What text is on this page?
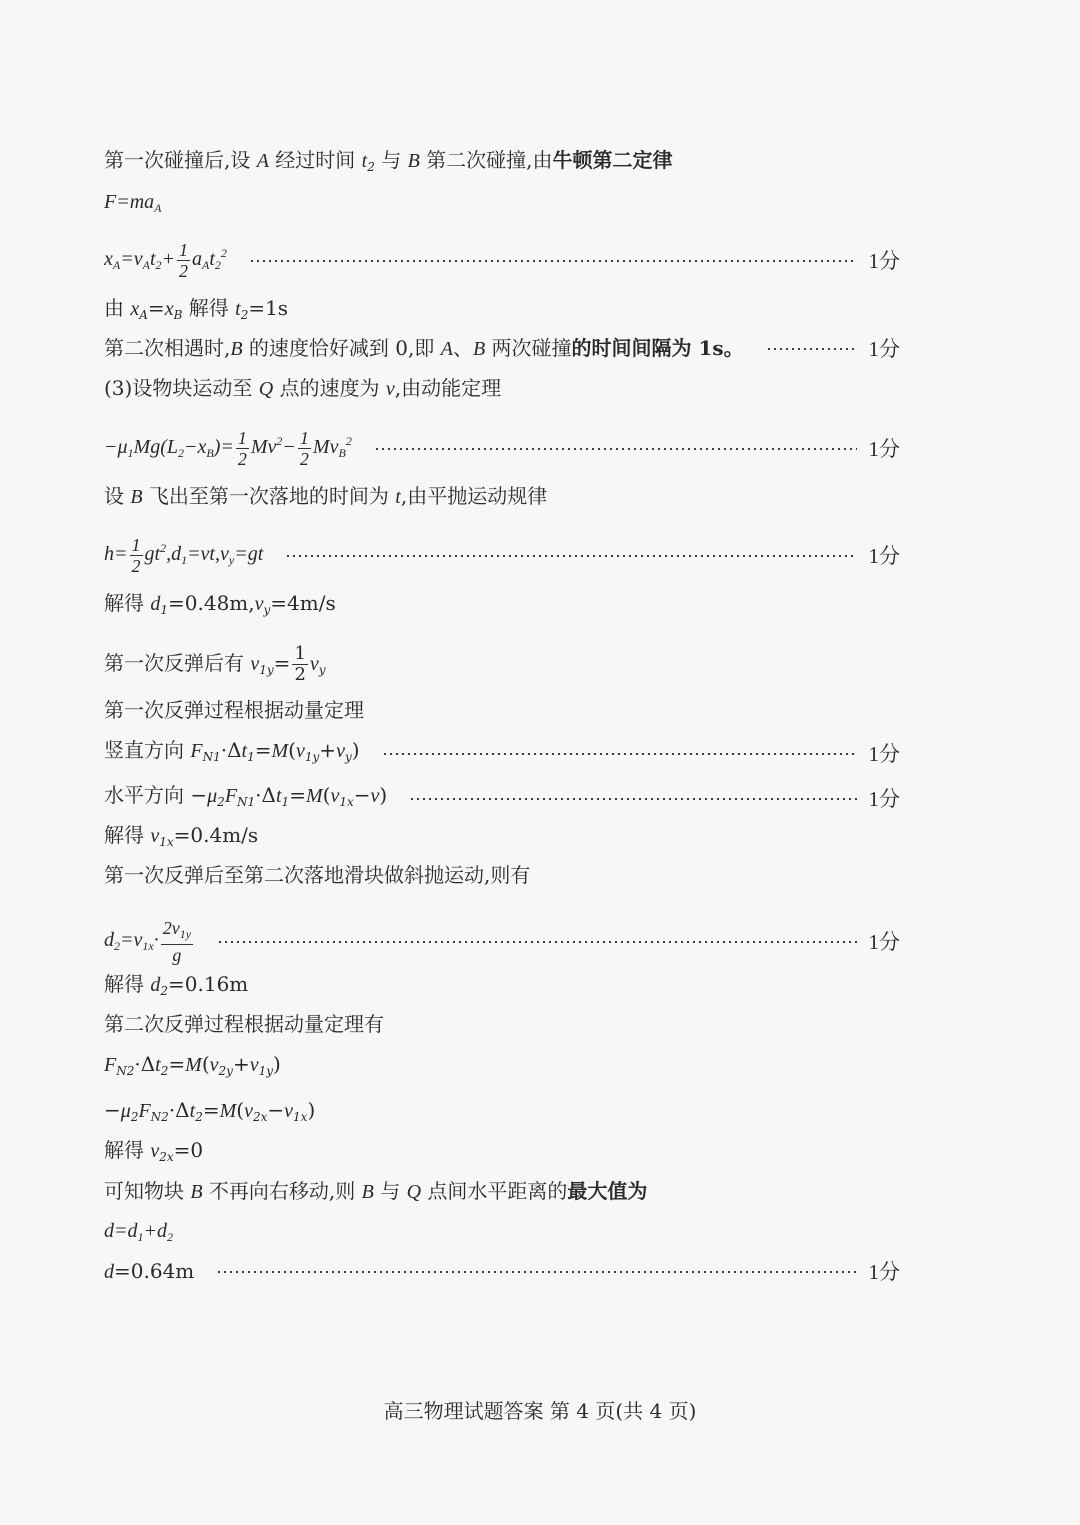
第一次碰撞后,设 A 经过时间 $t_2$ 与 B 第二次碰撞,由牛顿第二定律
$F=ma_A$
$x_A=v_At_2+ \frac{1}{2} a_At_2^2$	1分
由 $x_A=x_B$ 解得 $t_2=1s$
第二次相遇时,B 的速度恰好减到 0,即 A、B 两次碰撞的时间间隔为 1s。	1分
(3)设物块运动至 Q 点的速度为 v,由动能定理
$-\mu_1Mg(L_2-x_B)= \frac{1}{2} Mv^2- \frac{1}{2} Mv_B^2$	1分
设 B 飞出至第一次落地的时间为 t,由平抛运动规律
$h= \frac{1}{2} gt^2,d_1=vt,v_y=gt$	1分
解得 $d_1=0.48m,v_y=4m/s$
第一次反弹后有 $v_{1y}= \frac{1}{2} v_y$
第一次反弹过程根据动量定理
竖直方向 $F_{N1}\cdot\Delta t_1=M(v_{1y}+v_y)$	1分
水平方向 $-\mu_2F_{N1}\cdot\Delta t_1=M(v_{1x}-v)$	1分
解得 $v_{1x}=0.4m/s$
第一次反弹后至第二次落地滑块做斜抛运动,则有
$d_2=v_{1x}\cdot \frac{2v_{1y}}{g}$	1分
解得 $d_2=0.16m$
第二次反弹过程根据动量定理有
$F_{N2}\cdot\Delta t_2=M(v_{2y}+v_{1y})$
$-\mu_2F_{N2}\cdot\Delta t_2=M(v_{2x}-v_{1x})$
解得 $v_{2x}=0$
可知物块 B 不再向右移动,则 B 与 Q 点间水平距离的最大值为
$d=d_1+d_2$
d=0.64m	1分
高三物理试题答案 第 4 页(共 4 页)
